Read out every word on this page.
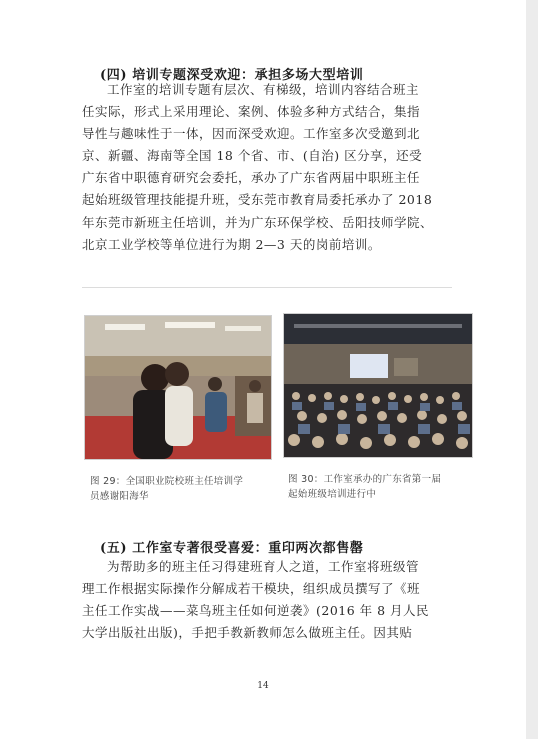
(四) 培训专题深受欢迎：承担多场大型培训
工作室的培训专题有层次、有梯级，培训内容结合班主
任实际，形式上采用理论、案例、体验多种方式结合，集指
导性与趣味性于一体，因而深受欢迎。工作室多次受邀到北
京、新疆、海南等全国 18 个省、市、(自治) 区分享，还受
广东省中职德育研究会委托，承办了广东省两届中职班主任
起始班级管理技能提升班，受东莞市教育局委托承办了 2018
年东莞市新班主任培训，并为广东环保学校、岳阳技师学院、
北京工业学校等单位进行为期 2—3 天的岗前培训。
图 29：全国职业院校班主任培训学
员感谢阳海华
图 30：工作室承办的广东省第一届
起始班级培训进行中
(五) 工作室专著很受喜爱：重印两次都售罄
为帮助多的班主任习得建班育人之道，工作室将班级管
理工作根据实际操作分解成若干模块，组织成员撰写了《班
主任工作实战——菜鸟班主任如何逆袭》(2016 年 8 月人民
大学出版社出版)，手把手教新教师怎么做班主任。因其贴
14
